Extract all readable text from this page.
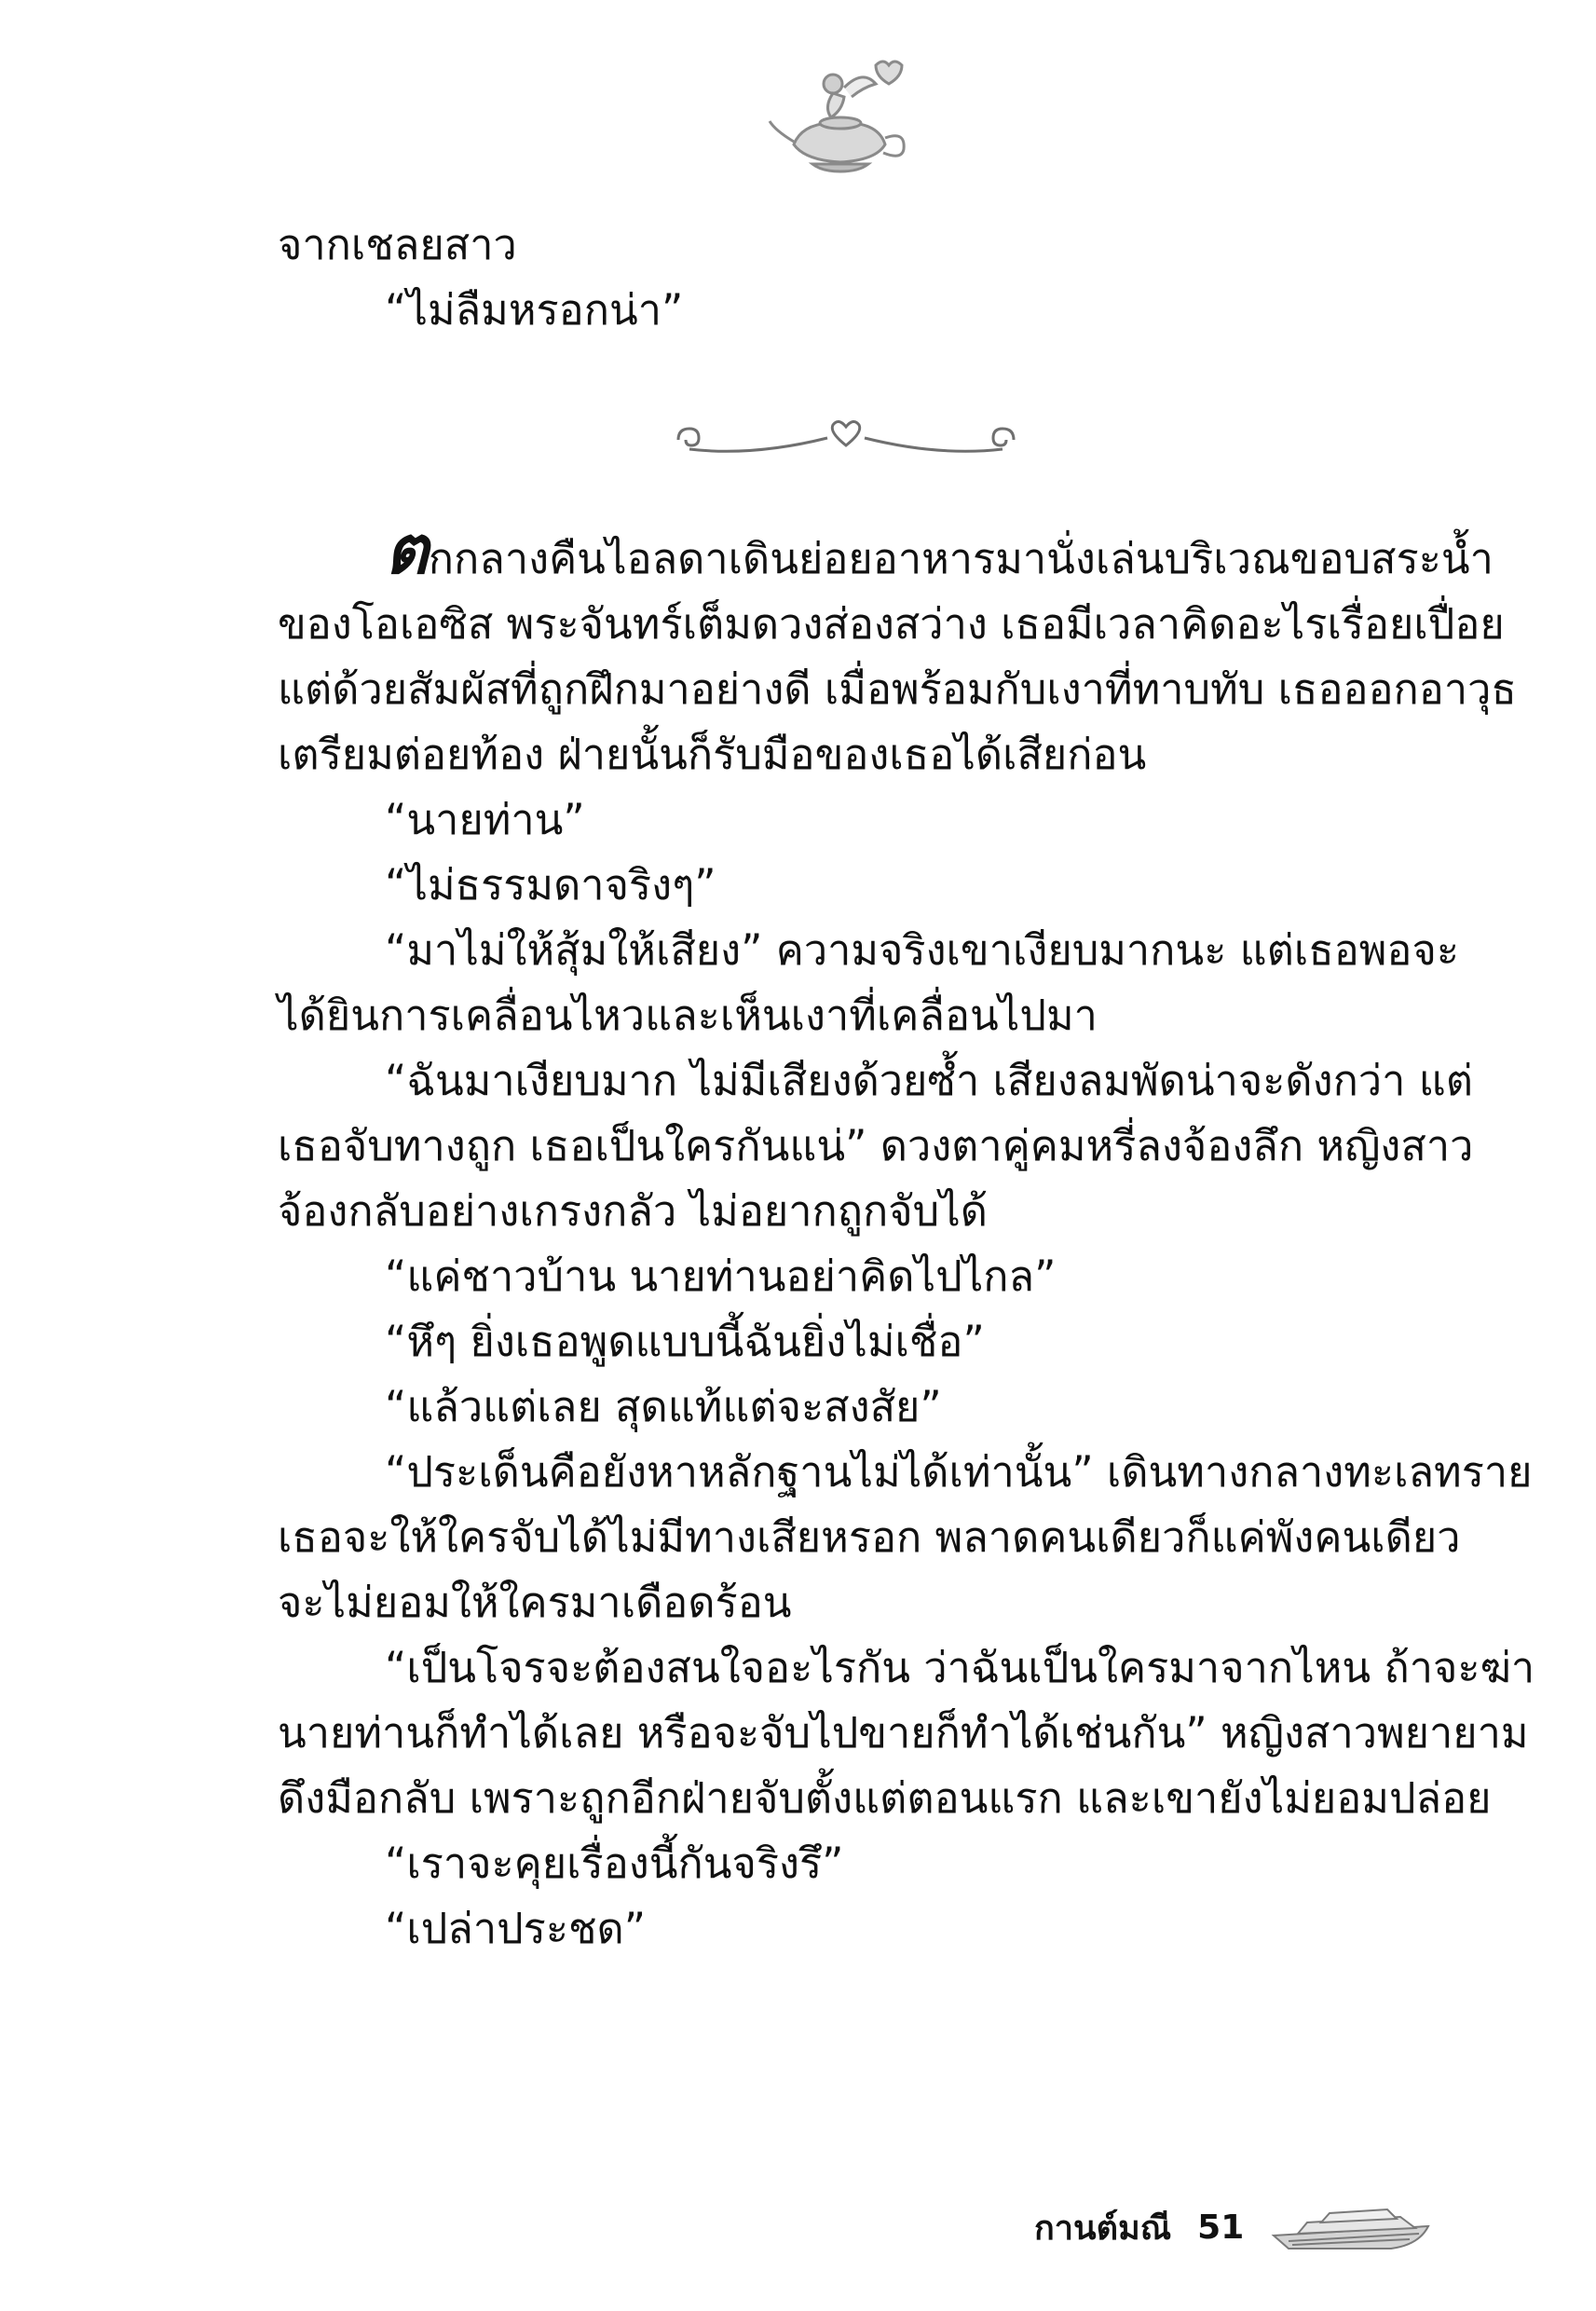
จากเชลยสาว
“ไม่ลืมหรอกน่า”
ตกกลางคืนไอลดาเดินย่อยอาหารมานั่งเล่นบริเวณขอบสระน้ำ
ของโอเอซิส พระจันทร์เต็มดวงส่องสว่าง เธอมีเวลาคิดอะไรเรื่อยเปื่อย
แต่ด้วยสัมผัสที่ถูกฝึกมาอย่างดี เมื่อพร้อมกับเงาที่ทาบทับ เธอออกอาวุธ
เตรียมต่อยท้อง ฝ่ายนั้นก็รับมือของเธอได้เสียก่อน
“นายท่าน”
“ไม่ธรรมดาจริงๆ”
“มาไม่ให้สุ้มให้เสียง” ความจริงเขาเงียบมากนะ แต่เธอพอจะ
ได้ยินการเคลื่อนไหวและเห็นเงาที่เคลื่อนไปมา
“ฉันมาเงียบมาก ไม่มีเสียงด้วยซ้ำ เสียงลมพัดน่าจะดังกว่า แต่
เธอจับทางถูก เธอเป็นใครกันแน่” ดวงตาคู่คมหรี่ลงจ้องลึก หญิงสาว
จ้องกลับอย่างเกรงกลัว ไม่อยากถูกจับได้
“แค่ชาวบ้าน นายท่านอย่าคิดไปไกล”
“หึๆ ยิ่งเธอพูดแบบนี้ฉันยิ่งไม่เชื่อ”
“แล้วแต่เลย สุดแท้แต่จะสงสัย”
“ประเด็นคือยังหาหลักฐานไม่ได้เท่านั้น” เดินทางกลางทะเลทราย
เธอจะให้ใครจับได้ไม่มีทางเสียหรอก พลาดคนเดียวก็แค่พังคนเดียว
จะไม่ยอมให้ใครมาเดือดร้อน
“เป็นโจรจะต้องสนใจอะไรกัน ว่าฉันเป็นใครมาจากไหน ถ้าจะฆ่า
นายท่านก็ทำได้เลย หรือจะจับไปขายก็ทำได้เช่นกัน” หญิงสาวพยายาม
ดึงมือกลับ เพราะถูกอีกฝ่ายจับตั้งแต่ตอนแรก และเขายังไม่ยอมปล่อย
“เราจะคุยเรื่องนี้กันจริงรึ”
“เปล่าประชด”
กานต์มณี 51
